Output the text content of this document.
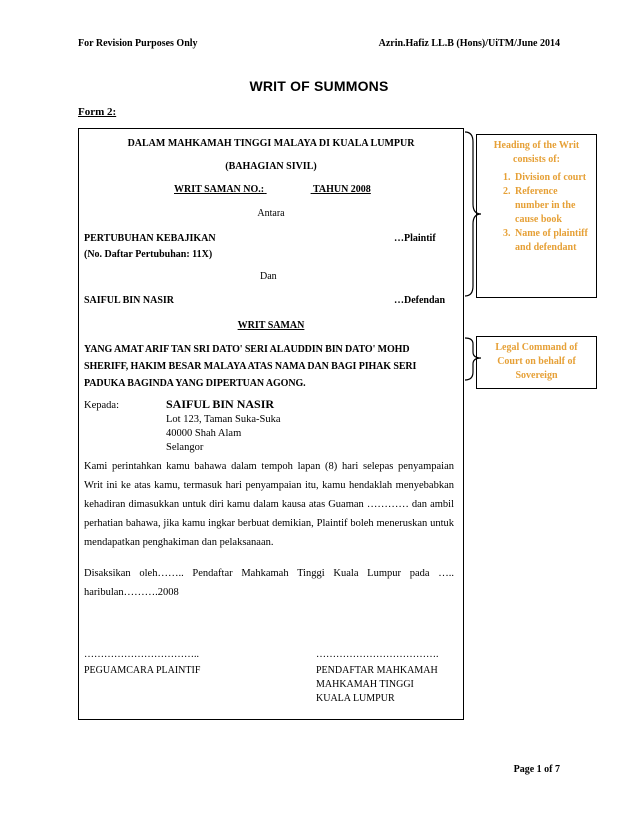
For Revision Purposes Only	Azrin.Hafiz LL.B (Hons)/UiTM/June 2014
WRIT OF SUMMONS
Form 2:
DALAM MAHKAMAH TINGGI MALAYA DI KUALA LUMPUR
(BAHAGIAN SIVIL)
WRIT SAMAN NO.:	TAHUN 2008
Antara
PERTUBUHAN KEBAJIKAN	…Plaintif
(No. Daftar Pertubuhan: 11X)
Dan
SAIFUL BIN NASIR	…Defendan
WRIT SAMAN
YANG AMAT ARIF TAN SRI DATO' SERI ALAUDDIN BIN DATO' MOHD
SHERIFF, HAKIM BESAR MALAYA ATAS NAMA DAN BAGI PIHAK SERI
PADUKA BAGINDA YANG DIPERTUAN AGONG.
Kepada:	SAIFUL BIN NASIR
Lot 123, Taman Suka-Suka
40000 Shah Alam
Selangor
Kami perintahkan kamu bahawa dalam tempoh lapan (8) hari selepas penyampaian Writ ini ke atas kamu, termasuk hari penyampaian itu, kamu hendaklah menyebabkan kehadiran dimasukkan untuk diri kamu dalam kausa atas Guaman ………… dan ambil perhatian bahawa, jika kamu ingkar berbuat demikian, Plaintif boleh meneruskan untuk mendapatkan penghakiman dan pelaksanaan.
Disaksikan oleh…….. Pendaftar Mahkamah Tinggi Kuala Lumpur pada ….. haribulan……….2008
……………………………..
PEGUAMCARA PLAINTIF
……………………………….
PENDAFTAR MAHKAMAH
MAHKAMAH TINGGI
KUALA LUMPUR
Heading of the Writ consists of:
1. Division of court
2. Reference number in the cause book
3. Name of plaintiff and defendant
Legal Command of Court on behalf of Sovereign
Page 1 of 7
